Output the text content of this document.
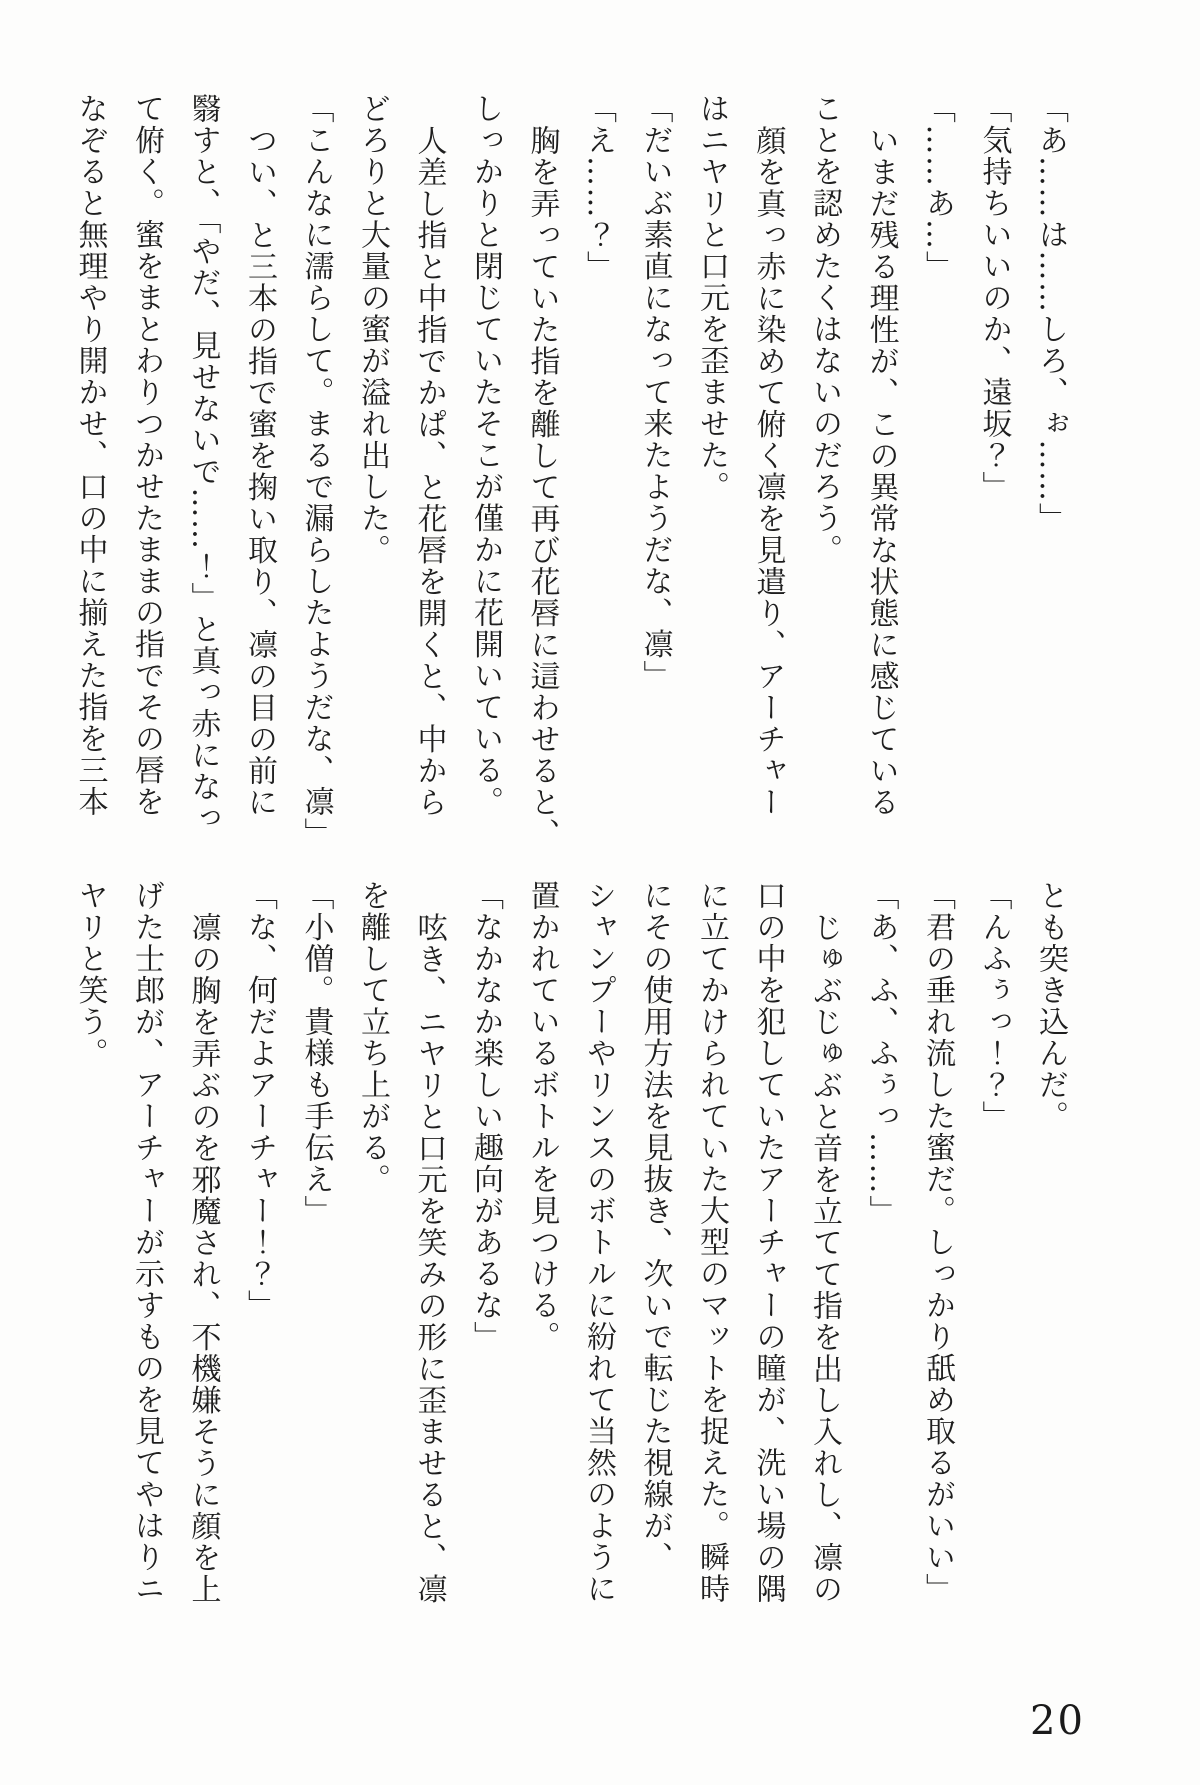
「あ……は……しろ、ぉ……」
「気持ちいいのか、遠坂？」
「……あ…」
いまだ残る理性が、この異常な状態に感じている
ことを認めたくはないのだろう。
顔を真っ赤に染めて俯く凛を見遣り、アーチャー
はニヤリと口元を歪ませた。
「だいぶ素直になって来たようだな、凛」
「え……？」
胸を弄っていた指を離して再び花唇に這わせると、
しっかりと閉じていたそこが僅かに花開いている。
人差し指と中指でかぱ、と花唇を開くと、中から
どろりと大量の蜜が溢れ出した。
「こんなに濡らして。まるで漏らしたようだな、凛」
つい、と三本の指で蜜を掬い取り、凛の目の前に
翳すと、「やだ、見せないで……！」と真っ赤になっ
て俯く。蜜をまとわりつかせたままの指でその唇を
なぞると無理やり開かせ、口の中に揃えた指を三本
とも突き込んだ。
「んふぅっ！？」
「君の垂れ流した蜜だ。しっかり舐め取るがいい」
「あ、ふ、ふぅっ……」
じゅぶじゅぶと音を立てて指を出し入れし、凛の
口の中を犯していたアーチャーの瞳が、洗い場の隅
に立てかけられていた大型のマットを捉えた。瞬時
にその使用方法を見抜き、次いで転じた視線が、
シャンプーやリンスのボトルに紛れて当然のように
置かれているボトルを見つける。
「なかなか楽しい趣向があるな」
呟き、ニヤリと口元を笑みの形に歪ませると、凛
を離して立ち上がる。
「小僧。貴様も手伝え」
「な、何だよアーチャー！？」
凛の胸を弄ぶのを邪魔され、不機嫌そうに顔を上
げた士郎が、アーチャーが示すものを見てやはりニ
ヤリと笑う。
20
